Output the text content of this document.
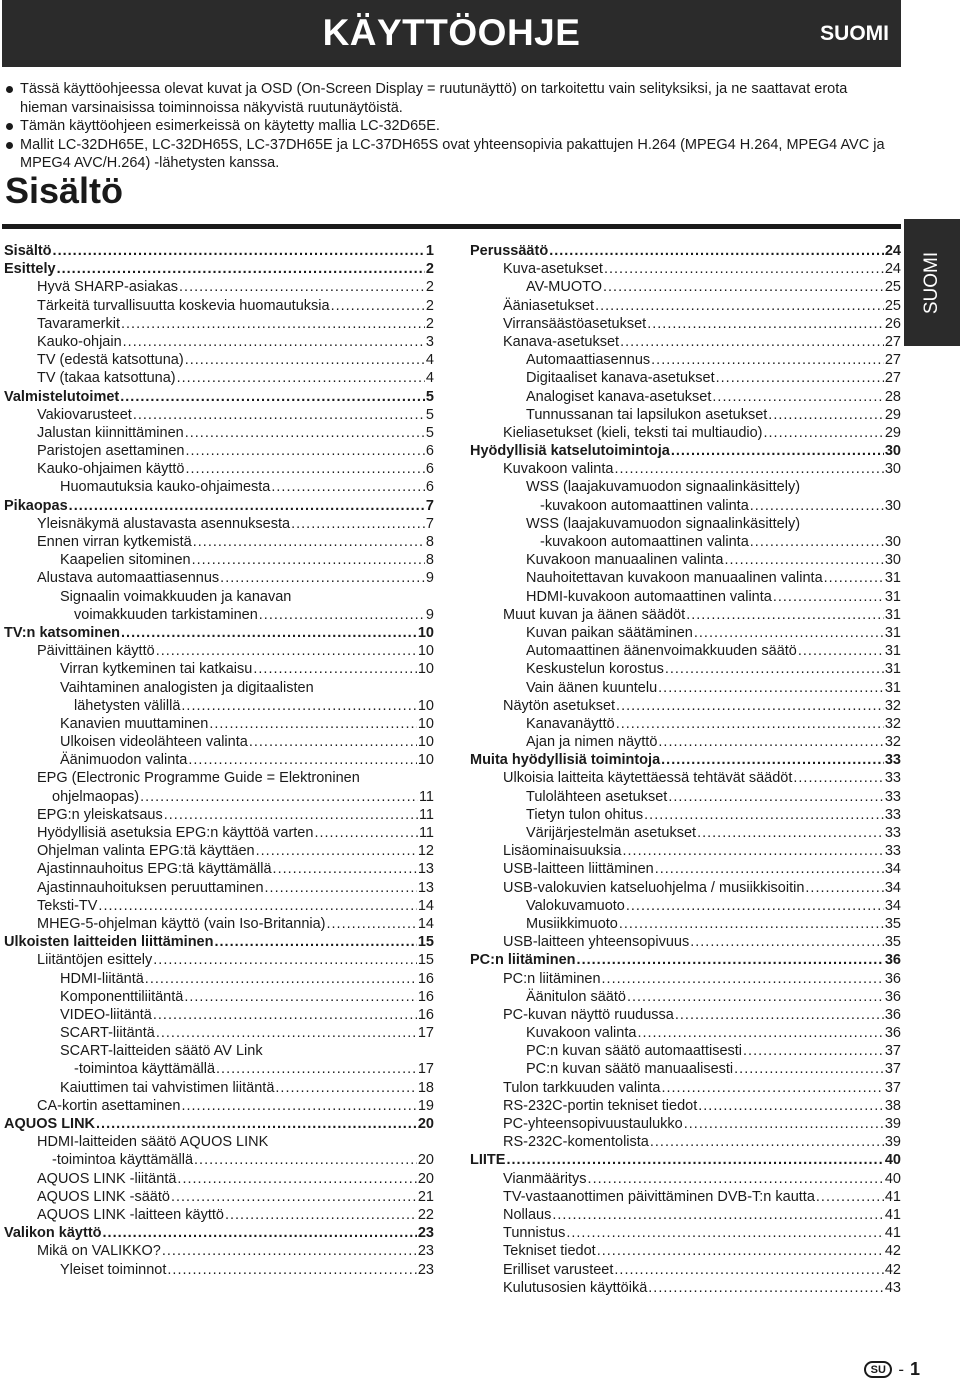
KÄYTTÖOHJE	SUOMI
Tässä käyttöohjeessa olevat kuvat ja OSD (On-Screen Display = ruutunäyttö) on tarkoitettu vain selityksiksi, ja ne saattavat erota hieman varsinaisissa toiminnoissa näkyvistä ruutunäytöistä.
Tämän käyttöohjeen esimerkeissä on käytetty mallia LC-32D65E.
Mallit LC-32DH65E, LC-32DH65S, LC-37DH65E ja LC-37DH65S ovat yhteensopivia pakattujen H.264 (MPEG4 H.264, MPEG4 AVC ja MPEG4 AVC/H.264) -lähetysten kanssa.
Sisältö
SUOMI
Sisältö .....	1
Esittely .....	2
Hyvä SHARP-asiakas .....	2
Tärkeitä turvallisuutta koskevia huomautuksia .....	2
Tavaramerkit .....	2
Kauko-ohjain .....	3
TV (edestä katsottuna) .....	4
TV (takaa katsottuna) .....	4
Valmistelutoimet .....	5
Vakiovarusteet .....	5
Jalustan kiinnittäminen .....	5
Paristojen asettaminen .....	6
Kauko-ohjaimen käyttö .....	6
Huomautuksia kauko-ohjaimesta .....	6
Pikaopas .....	7
Yleisnäkymä alustavasta asennuksesta .....	7
Ennen virran kytkemistä .....	8
Kaapelien sitominen .....	8
Alustava automaattiasennus .....	9
Signaalin voimakkuuden ja kanavan
voimakkuuden tarkistaminen .....	9
TV:n katsominen .....	10
Päivittäinen käyttö .....	10
Virran kytkeminen tai katkaisu .....	10
Vaihtaminen analogisten ja digitaalisten
lähetysten välillä .....	10
Kanavien muuttaminen .....	10
Ulkoisen videolähteen valinta .....	10
Äänimuodon valinta .....	10
EPG (Electronic Programme Guide = Elektroninen
ohjelmaopas) .....	11
EPG:n yleiskatsaus .....	11
Hyödyllisiä asetuksia EPG:n käyttöä varten .....	11
Ohjelman valinta EPG:tä käyttäen .....	12
Ajastinnauhoitus EPG:tä käyttämällä .....	13
Ajastinnauhoituksen peruuttaminen .....	13
Teksti-TV .....	14
MHEG-5-ohjelman käyttö (vain Iso-Britannia) .....	14
Ulkoisten laitteiden liittäminen .....	15
Liitäntöjen esittely .....	15
HDMI-liitäntä .....	16
Komponenttiliitäntä .....	16
VIDEO-liitäntä .....	16
SCART-liitäntä .....	17
SCART-laitteiden säätö AV Link
-toimintoa käyttämällä .....	17
Kaiuttimen tai vahvistimen liitäntä .....	18
CA-kortin asettaminen .....	19
AQUOS LINK .....	20
HDMI-laitteiden säätö AQUOS LINK
-toimintoa käyttämällä .....	20
AQUOS LINK -liitäntä .....	20
AQUOS LINK -säätö .....	21
AQUOS LINK -laitteen käyttö .....	22
Valikon käyttö .....	23
Mikä on VALIKKO? .....	23
Yleiset toiminnot .....	23
Perussäätö .....	24
Kuva-asetukset .....	24
AV-MUOTO .....	25
Ääniasetukset .....	25
Virransäästöasetukset .....	26
Kanava-asetukset .....	27
Automaattiasennus .....	27
Digitaaliset kanava-asetukset .....	27
Analogiset kanava-asetukset .....	28
Tunnussanan tai lapsilukon asetukset .....	29
Kieliasetukset (kieli, teksti tai multiaudio) .....	29
Hyödyllisiä katselutoimintoja .....	30
Kuvakoon valinta .....	30
WSS (laajakuvamuodon signaalinkäsittely)
-kuvakoon automaattinen valinta .....	30
WSS (laajakuvamuodon signaalinkäsittely)
-kuvakoon automaattinen valinta .....	30
Kuvakoon manuaalinen valinta .....	30
Nauhoitettavan kuvakoon manuaalinen valinta .....	31
HDMI-kuvakoon automaattinen valinta .....	31
Muut kuvan ja äänen säädöt .....	31
Kuvan paikan säätäminen .....	31
Automaattinen äänenvoimakkuuden säätö .....	31
Keskustelun korostus .....	31
Vain äänen kuuntelu .....	31
Näytön asetukset .....	32
Kanavanäyttö .....	32
Ajan ja nimen näyttö .....	32
Muita hyödyllisiä toimintoja .....	33
Ulkoisia laitteita käytettäessä tehtävät säädöt .....	33
Tulolähteen asetukset .....	33
Tietyn tulon ohitus .....	33
Värijärjestelmän asetukset .....	33
Lisäominaisuuksia .....	33
USB-laitteen liittäminen .....	34
USB-valokuvien katseluohjelma / musiikkisoitin .....	34
Valokuvamuoto .....	34
Musiikkimuoto .....	35
USB-laitteen yhteensopivuus .....	35
PC:n liitäminen .....	36
PC:n liitäminen .....	36
Äänitulon säätö .....	36
PC-kuvan näyttö ruudussa .....	36
Kuvakoon valinta .....	36
PC:n kuvan säätö automaattisesti .....	37
PC:n kuvan säätö manuaalisesti .....	37
Tulon tarkkuuden valinta .....	37
RS-232C-portin tekniset tiedot .....	38
PC-yhteensopivuustaulukko .....	39
RS-232C-komentolista .....	39
LIITE .....	40
Vianmääritys .....	40
TV-vastaanottimen päivittäminen DVB-T:n kautta .....	41
Nollaus .....	41
Tunnistus .....	41
Tekniset tiedot .....	42
Erilliset varusteet .....	42
Kulutusosien käyttöikä .....	43
SU - 1
